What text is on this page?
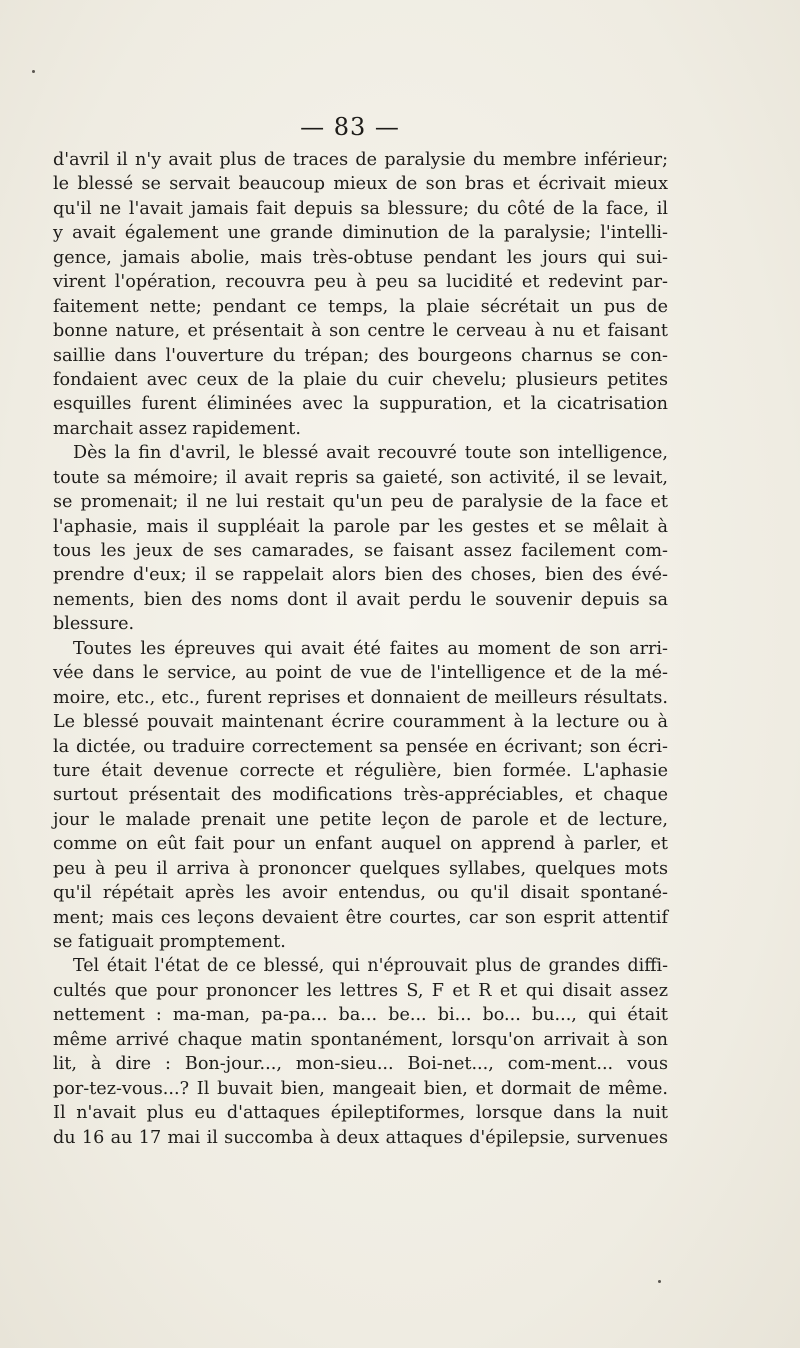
— 83 —
d'avril il n'y avait plus de traces de paralysie du membre inférieur;
le blessé se servait beaucoup mieux de son bras et écrivait mieux
qu'il ne l'avait jamais fait depuis sa blessure; du côté de la face, il
y avait également une grande diminution de la paralysie; l'intelli-
gence, jamais abolie, mais très-obtuse pendant les jours qui sui-
virent l'opération, recouvra peu à peu sa lucidité et redevint par-
faitement nette; pendant ce temps, la plaie sécrétait un pus de
bonne nature, et présentait à son centre le cerveau à nu et faisant
saillie dans l'ouverture du trépan; des bourgeons charnus se con-
fondaient avec ceux de la plaie du cuir chevelu; plusieurs petites
esquilles furent éliminées avec la suppuration, et la cicatrisation
marchait assez rapidement.
Dès la fin d'avril, le blessé avait recouvré toute son intelligence,
toute sa mémoire; il avait repris sa gaieté, son activité, il se levait,
se promenait; il ne lui restait qu'un peu de paralysie de la face et
l'aphasie, mais il suppléait la parole par les gestes et se mêlait à
tous les jeux de ses camarades, se faisant assez facilement com-
prendre d'eux; il se rappelait alors bien des choses, bien des évé-
nements, bien des noms dont il avait perdu le souvenir depuis sa
blessure.
Toutes les épreuves qui avait été faites au moment de son arri-
vée dans le service, au point de vue de l'intelligence et de la mé-
moire, etc., etc., furent reprises et donnaient de meilleurs résultats.
Le blessé pouvait maintenant écrire couramment à la lecture ou à
la dictée, ou traduire correctement sa pensée en écrivant; son écri-
ture était devenue correcte et régulière, bien formée. L'aphasie
surtout présentait des modifications très-appréciables, et chaque
jour le malade prenait une petite leçon de parole et de lecture,
comme on eût fait pour un enfant auquel on apprend à parler, et
peu à peu il arriva à prononcer quelques syllabes, quelques mots
qu'il répétait après les avoir entendus, ou qu'il disait spontané-
ment; mais ces leçons devaient être courtes, car son esprit attentif
se fatiguait promptement.
Tel était l'état de ce blessé, qui n'éprouvait plus de grandes diffi-
cultés que pour prononcer les lettres S, F et R et qui disait assez
nettement : ma-man, pa-pa... ba... be... bi... bo... bu..., qui était
même arrivé chaque matin spontanément, lorsqu'on arrivait à son
lit, à dire : Bon-jour..., mon-sieu... Boi-net..., com-ment... vous
por-tez-vous...? Il buvait bien, mangeait bien, et dormait de même.
Il n'avait plus eu d'attaques épileptiformes, lorsque dans la nuit
du 16 au 17 mai il succomba à deux attaques d'épilepsie, survenues
